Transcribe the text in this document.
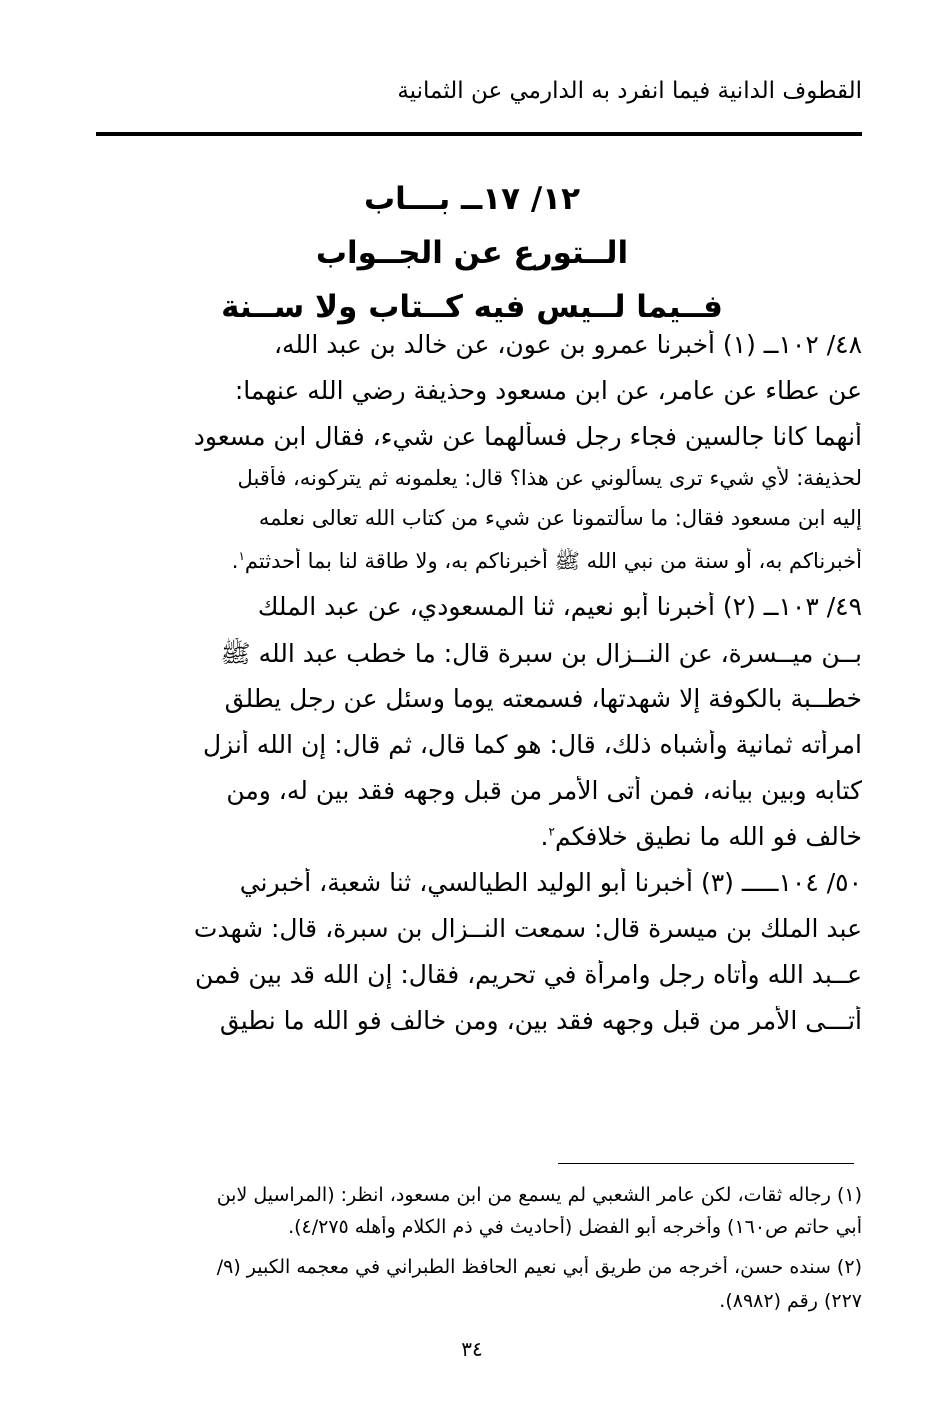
القطوف الدانية فيما انفرد به الدارمي عن الثمانية
١٢/ ١٧ــ بـــاب
الــتورع عن الجــواب
فــيما لــيس فيه كــتاب ولا ســنة
٤٨/ ١٠٢ــ (١) أخبرنا عمرو بن عون، عن خالد بن عبد الله،
عن عطاء عن عامر، عن ابن مسعود وحذيفة رضي الله عنهما:
أنهما كانا جالسين فجاء رجل فسألهما عن شيء، فقال ابن مسعود
لحذيفة: لأي شيء ترى يسألوني عن هذا؟ قال: يعلمونه ثم يتركونه، فأقبل
إليه ابن مسعود فقال: ما سألتمونا عن شيء من كتاب الله تعالى نعلمه
أخبرناكم به، أو سنة من نبي الله ﷺ أخبرناكم به، ولا طاقة لنا بما أحدثتم$^١$.
٤٩/ ١٠٣ــ (٢) أخبرنا أبو نعيم، ثنا المسعودي، عن عبد الملك
بــن ميــسرة، عن النــزال بن سبرة قال: ما خطب عبد الله ﷺ
خطــبة بالكوفة إلا شهدتها، فسمعته يوما وسئل عن رجل يطلق
امرأته ثمانية وأشباه ذلك، قال: هو كما قال، ثم قال: إن الله أنزل
كتابه وبين بيانه، فمن أتى الأمر من قبل وجهه فقد بين له، ومن
خالف فو الله ما نطيق خلافكم$^٢$.
٥٠/ ١٠٤ـــــ (٣) أخبرنا أبو الوليد الطيالسي، ثنا شعبة، أخبرني
عبد الملك بن ميسرة قال: سمعت النــزال بن سبرة، قال: شهدت
عــبد الله وأتاه رجل وامرأة في تحريم، فقال: إن الله قد بين فمن
أتـــى الأمر من قبل وجهه فقد بين، ومن خالف فو الله ما نطيق
(١) رجاله ثقات، لكن عامر الشعبي لم يسمع من ابن مسعود، انظر: (المراسيل لابن
أبي حاتم ص١٦٠) وأخرجه أبو الفضل (أحاديث في ذم الكلام وأهله ٤/٢٧٥).
(٢) سنده حسن، أخرجه من طريق أبي نعيم الحافظ الطبراني في معجمه الكبير (٩/
٢٢٧) رقم (٨٩٨٢).
٣٤
